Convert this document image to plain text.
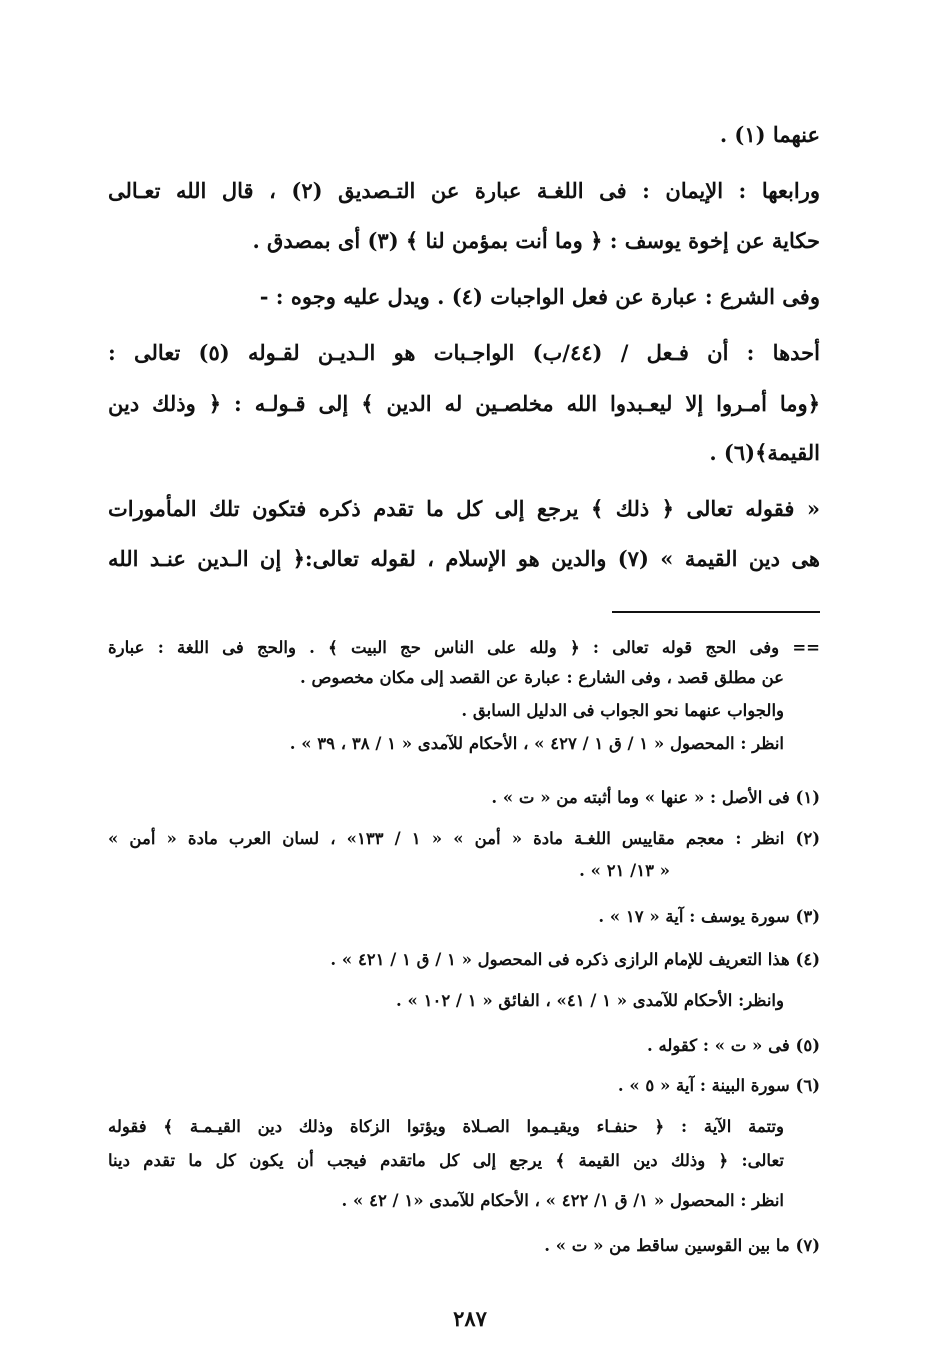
عنهما (١) .
ورابعها : الإيمان : فى اللغـة عبارة عن التـصديق (٢) ، قال الله تعـالى
حكاية عن إخوة يوسف : ﴿ وما أنت بمؤمن لنا ﴾ (٣) أى بمصدق .
وفى الشرع : عبارة عن فعل الواجبات (٤) . ويدل عليه وجوه : -
أحدها : أن فـعل / (٤٤/ب) الواجـبات هو الـديـن لقـوله (٥) تعالى :
﴿وما أمـروا إلا ليعـبدوا الله مخلصـين له الدين ﴾ إلى قـولـه : ﴿ وذلك دين
القيمة﴾(٦) .
« فقوله تعالى ﴿ ذلك ﴾ يرجع إلى كل ما تقدم ذكره فتكون تلك المأمورات
هى دين القيمة » (٧) والدين هو الإسلام ، لقوله تعالى:﴿ إن الـدين عنـد الله
== وفى الحج قوله تعالى : ﴿ ولله على الناس حج البيت ﴾ . والحج فى اللغة : عبارة
عن مطلق قصد ، وفى الشارع : عبارة عن القصد إلى مكان مخصوص .
والجواب عنهما نحو الجواب فى الدليل السابق .
انظر : المحصول « ١ / ق ١ / ٤٢٧ » ، الأحكام للآمدى « ١ / ٣٨ ، ٣٩ » .
(١) فى الأصل : « عنها » وما أثبته من « ت » .
(٢) انظر : معجم مقاييس اللغـة مادة « أمن » « ١ / ١٣٣» ، لسان العرب مادة « أمن »
« ١٣/ ٢١ » .
(٣) سورة يوسف : آية « ١٧ » .
(٤) هذا التعريف للإمام الرازى ذكره فى المحصول « ١ / ق ١ / ٤٢١ » .
وانظر: الأحكام للآمدى « ١ / ٤١» ، الفائق « ١ / ١٠٢ » .
(٥) فى « ت » : كقوله .
(٦) سورة البينة : آية « ٥ » .
وتتمة الآية : ﴿ حنفـاء ويقيـموا الصـلاة ويؤتوا الزكاة وذلك دين القيـمـة ﴾ فقوله
تعالى: ﴿ وذلك دين القيمة ﴾ يرجع إلى كل ماتقدم فيجب أن يكون كل ما تقدم دينا
انظر : المحصول « ١/ ق ١/ ٤٢٢ » ، الأحكام للآمدى «١ / ٤٢ » .
(٧) ما بين القوسين ساقط من « ت » .
٢٨٧
